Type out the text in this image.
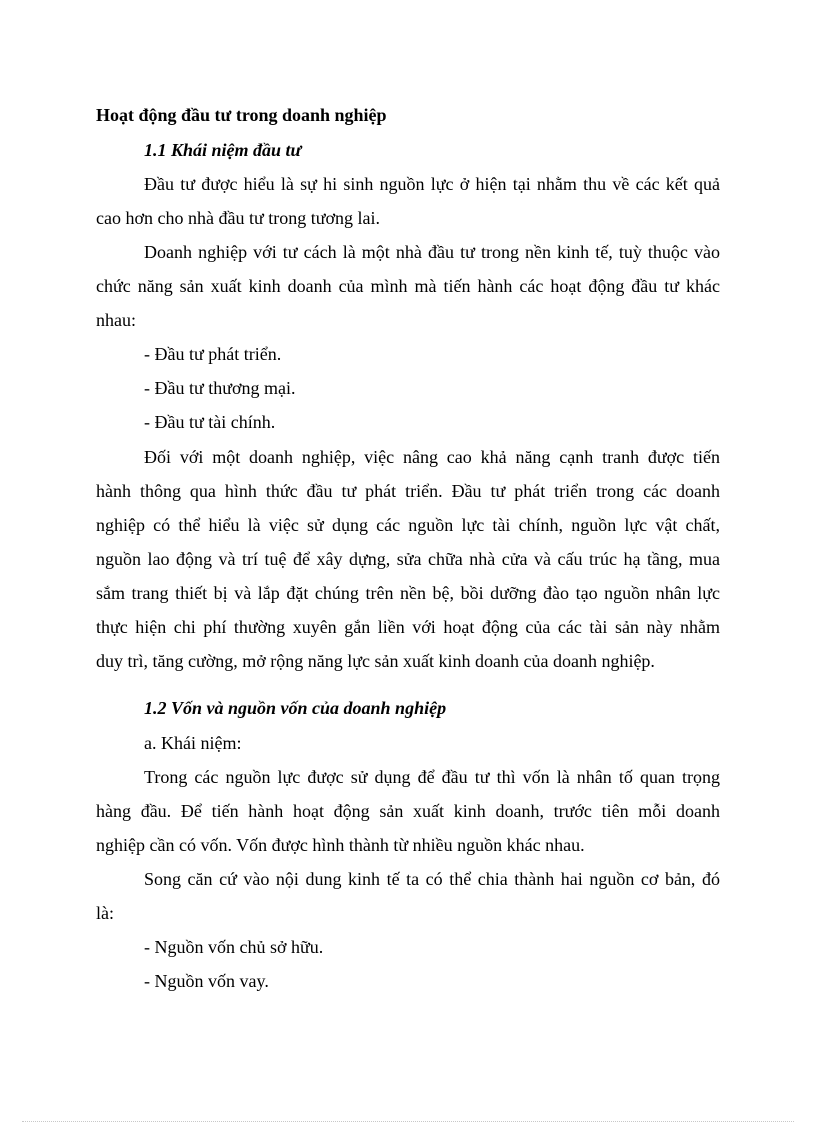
Hoạt động đầu tư trong doanh nghiệp
1.1 Khái niệm đầu tư
Đầu tư được hiểu là sự hi sinh nguồn lực ở hiện tại nhằm thu về các kết quả
cao hơn cho nhà đầu tư trong tương lai.
Doanh nghiệp với tư cách là một nhà đầu tư trong nền kinh tế, tuỳ thuộc vào
chức năng sản xuất kinh doanh của mình mà tiến hành các hoạt động đầu tư khác
nhau:
- Đầu tư phát triển.
- Đầu tư thương mại.
- Đầu tư tài chính.
Đối với một doanh nghiệp, việc nâng cao khả năng cạnh tranh được tiến
hành thông qua hình thức đầu tư phát triển. Đầu tư phát triển trong các doanh
nghiệp có thể hiểu là việc sử dụng các nguồn lực tài chính, nguồn lực vật chất,
nguồn lao động và trí tuệ để xây dựng, sửa chữa nhà cửa và cấu trúc hạ tầng, mua
sắm trang thiết bị và lắp đặt chúng trên nền bệ, bồi dưỡng đào tạo nguồn nhân lực
thực hiện chi phí thường xuyên gắn liền với hoạt động của các tài sản này nhằm
duy trì, tăng cường, mở rộng năng lực sản xuất kinh doanh của doanh nghiệp.
1.2 Vốn và nguồn vốn của doanh nghiệp
a. Khái niệm:
Trong các nguồn lực được sử dụng để đầu tư thì vốn là nhân tố quan trọng
hàng đầu. Để tiến hành hoạt động sản xuất kinh doanh, trước tiên mỗi doanh
nghiệp cần có vốn. Vốn được hình thành từ nhiều nguồn khác nhau.
Song căn cứ vào nội dung kinh tế ta có thể chia thành hai nguồn cơ bản, đó
là:
- Nguồn vốn chủ sở hữu.
- Nguồn vốn vay.
